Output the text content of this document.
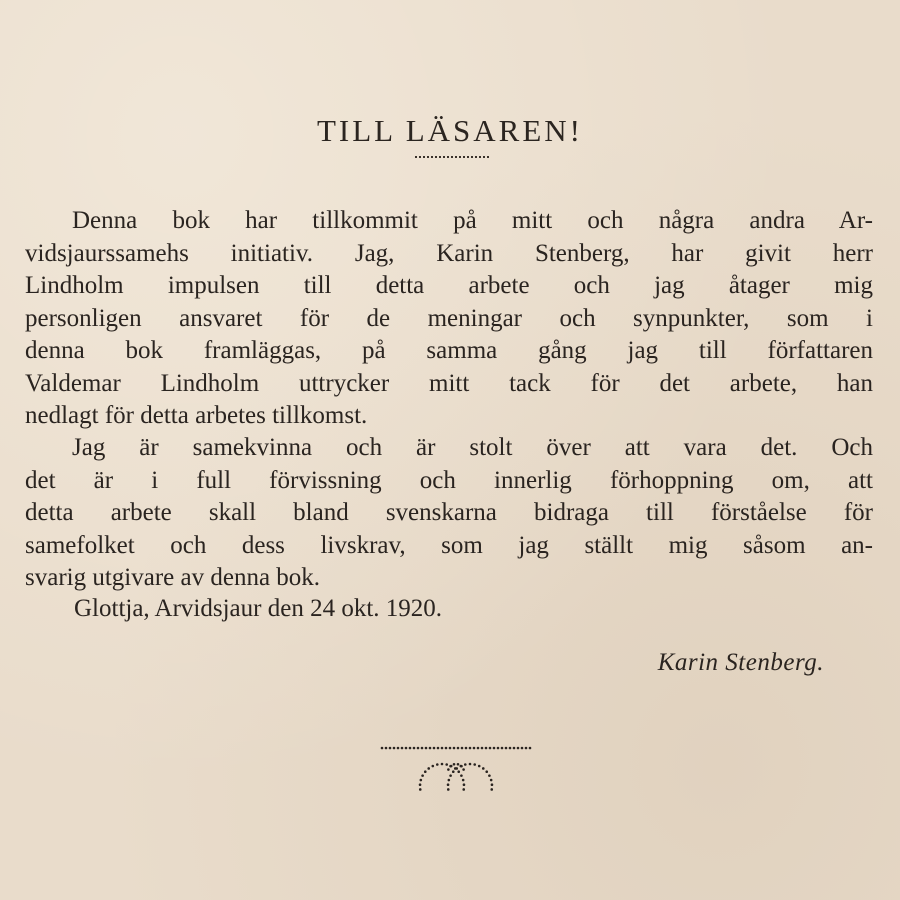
TILL LÄSAREN!
Denna bok har tillkommit på mitt och några andra Ar-
vidsjaurssamehs initiativ. Jag, Karin Stenberg, har givit herr
Lindholm impulsen till detta arbete och jag åtager mig
personligen ansvaret för de meningar och synpunkter, som i
denna bok framläggas, på samma gång jag till författaren
Valdemar Lindholm uttrycker mitt tack för det arbete, han
nedlagt för detta arbetes tillkomst.
Jag är samekvinna och är stolt över att vara det. Och
det är i full förvissning och innerlig förhoppning om, att
detta arbete skall bland svenskarna bidraga till förståelse för
samefolket och dess livskrav, som jag ställt mig såsom an-
svarig utgivare av denna bok.
Glottja, Arvidsjaur den 24 okt. 1920.
Karin Stenberg.
